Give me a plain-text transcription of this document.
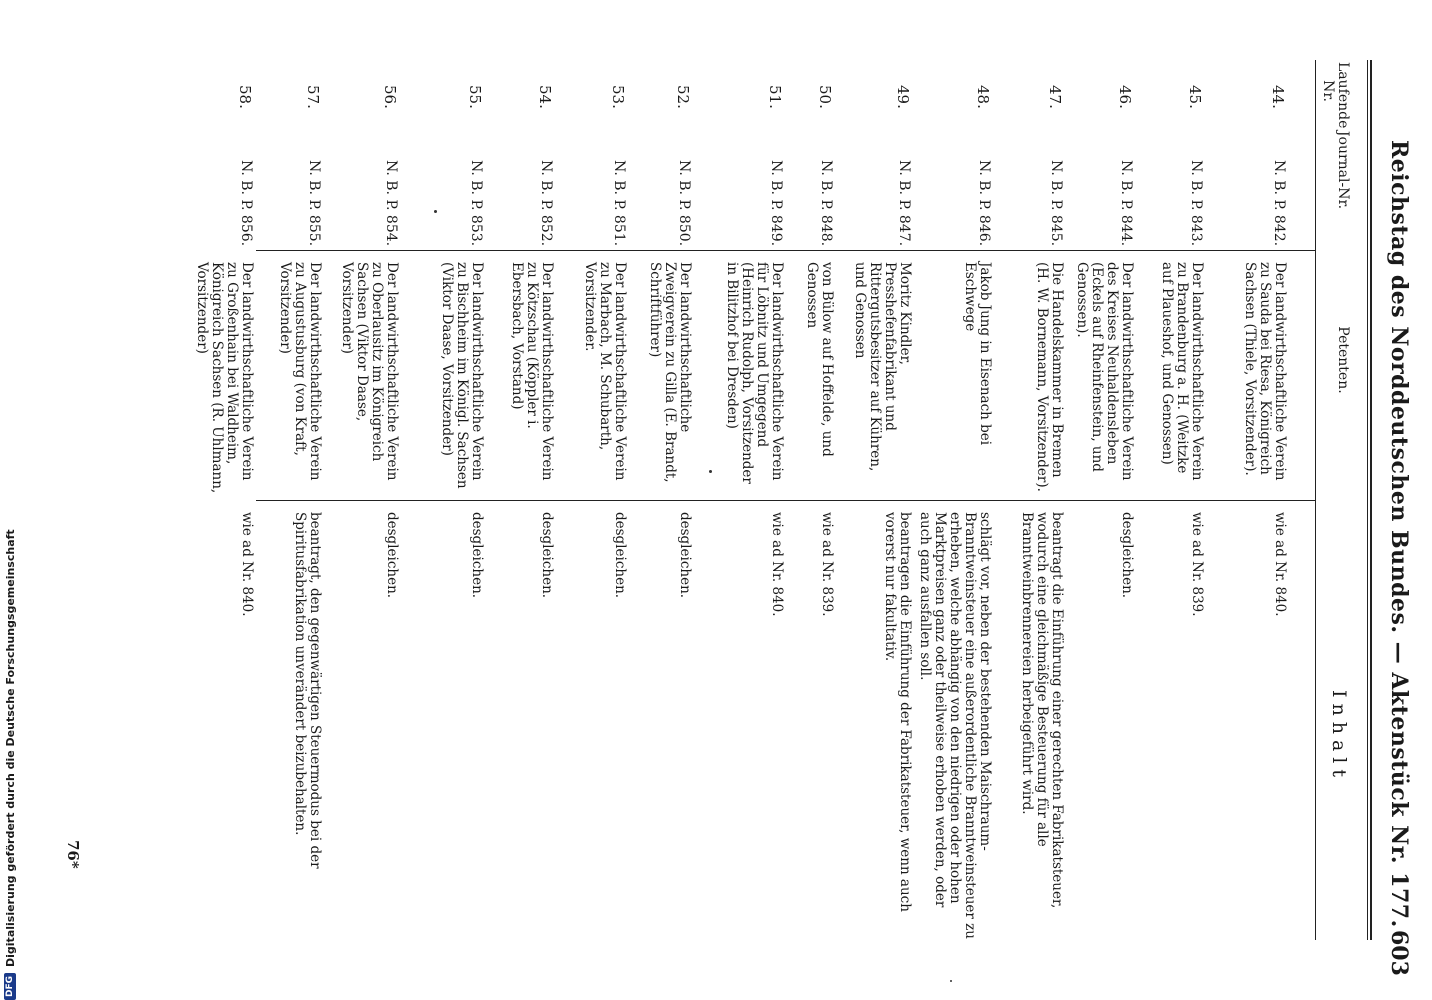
Reichstag des Norddeutschen Bundes. — Aktenstück Nr. 177.
603
Laufende Nr.
Journal-Nr.
Petenten.
Inhalt
44.
N. B. P. 842.
Der landwirthschaftliche Verein zu Sauda bei Riesa, Königreich Sachsen (Thiele, Vorsitzender).
wie ad Nr. 840.
45.
N. B. P. 843.
Der landwirthschaftliche Verein zu Brandenburg a. H. (Weitzke auf Plaueshof, und Genossen)
wie ad Nr. 839.
46.
N. B. P. 844.
Der landwirthschaftliche Verein des Kreises Neuhaldensleben (Eckels auf Rheinfenstein, und Genossen).
desgleichen.
47.
N. B. P. 845.
Die Handelskammer in Bremen (H. W. Bornemann, Vorsitzender).
beantragt die Einführung einer gerechten Fabrikatsteuer, wodurch eine gleichmäßige Besteuerung für alle Branntweinbrennereien herbeigeführt wird.
48.
N. B. P. 846.
Jakob Jung in Eisenach bei Eschwege
schlägt vor, neben der bestehenden Maischraum-Branntweinsteuer eine außerordentliche Branntweinsteuer zu erheben, welche abhängig von den niedrigen oder hohen Marktpreisen ganz oder theilweise erhoben werden, oder auch ganz ausfallen soll.
49.
N. B. P. 847.
Moritz Kindler, Presshefenfabrikant und Rittergutsbesitzer auf Kühren, und Genossen
beantragen die Einführung der Fabrikatsteuer, wenn auch vorerst nur fakultativ.
50.
N. B. P. 848.
von Bülow auf Hoffelde, und Genossen
wie ad Nr. 839.
51.
N. B. P. 849.
Der landwirthschaftliche Verein für Löbnitz und Umgegend (Heinrich Rudolph, Vorsitzender in Bilitzhof bei Dresden)
wie ad Nr. 840.
52.
N. B. P. 850.
Der landwirthschaftliche Zweigverein zu Gilla (E. Brandt, Schriftführer)
desgleichen.
53.
N. B. P. 851.
Der landwirthschaftliche Verein zu Marbach, M. Schubarth, Vorsitzender.
desgleichen.
54.
N. B. P. 852.
Der landwirthschaftliche Verein zu Kötzschau (Köppler i. Ebersbach, Vorstand)
desgleichen.
55.
N. B. P. 853.
Der landwirthschaftliche Verein zu Bischheim im Königl. Sachsen (Viktor Daase, Vorsitzender)
desgleichen.
56.
N. B. P. 854.
Der landwirthschaftliche Verein zu Oberlausitz im Königreich Sachsen (Viktor Daase, Vorsitzender)
desgleichen.
57.
N. B. P. 855.
Der landwirthschaftliche Verein zu Augustusburg (von Kraft, Vorsitzender)
beantragt, den gegenwärtigen Steuermodus bei der Spiritusfabrikation unverändert beizubehalten.
58.
N. B. P. 856.
Der landwirthschaftliche Verein zu Großenhain bei Waldheim, Königreich Sachsen (R. Uhlmann, Vorsitzender)
wie ad Nr. 840.
76*
DFG
Digitalisierung gefördert durch die Deutsche Forschungsgemeinschaft
